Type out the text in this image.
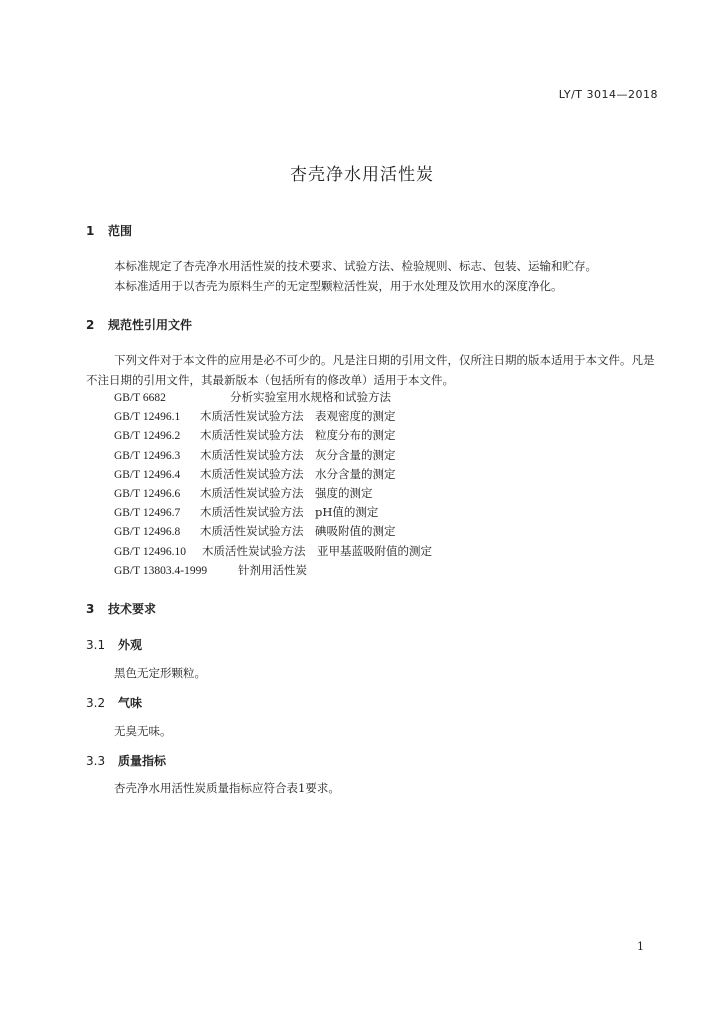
LY/T 3014—2018
杏壳净水用活性炭
1 范围
本标准规定了杏壳净水用活性炭的技术要求、试验方法、检验规则、标志、包装、运输和贮存。
本标准适用于以杏壳为原料生产的无定型颗粒活性炭，用于水处理及饮用水的深度净化。
2 规范性引用文件
下列文件对于本文件的应用是必不可少的。凡是注日期的引用文件，仅所注日期的版本适用于本文件。凡是不注日期的引用文件，其最新版本（包括所有的修改单）适用于本文件。
GB/T 6682	分析实验室用水规格和试验方法
GB/T 12496.1 木质活性炭试验方法　表观密度的测定
GB/T 12496.2 木质活性炭试验方法　粒度分布的测定
GB/T 12496.3 木质活性炭试验方法　灰分含量的测定
GB/T 12496.4 木质活性炭试验方法　水分含量的测定
GB/T 12496.6 木质活性炭试验方法　强度的测定
GB/T 12496.7 木质活性炭试验方法　pH值的测定
GB/T 12496.8 木质活性炭试验方法　碘吸附值的测定
GB/T 12496.10 木质活性炭试验方法　亚甲基蓝吸附值的测定
GB/T 13803.4-1999	针剂用活性炭
3 技术要求
3.1 外观
黑色无定形颗粒。
3.2 气味
无臭无味。
3.3 质量指标
杏壳净水用活性炭质量指标应符合表1要求。
1
